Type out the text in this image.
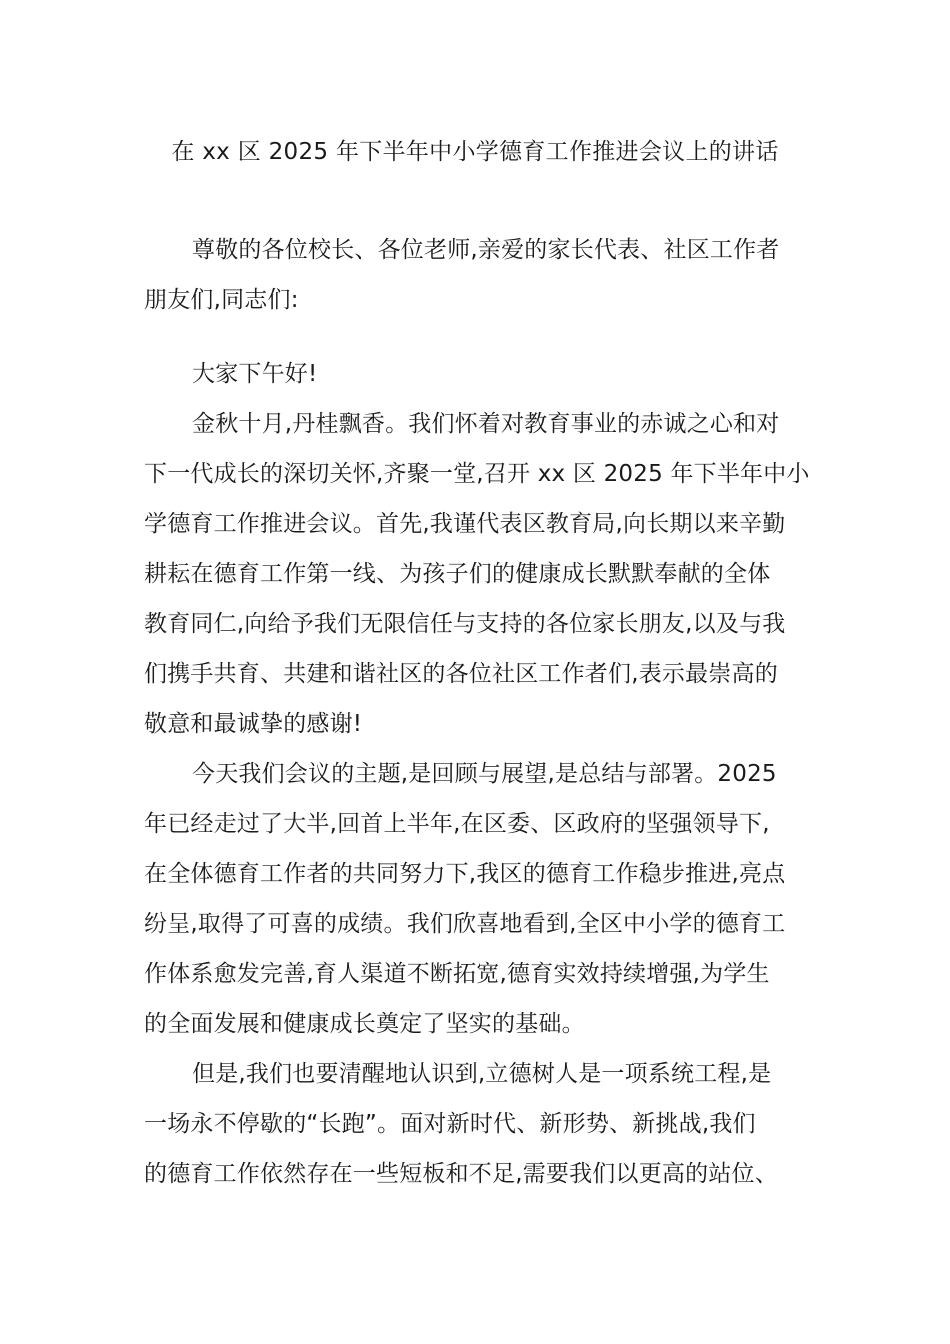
在 xx 区 2025 年下半年中小学德育工作推进会议上的讲话
尊敬的各位校长、各位老师,亲爱的家长代表、社区工作者
朋友们,同志们:
大家下午好!
金秋十月,丹桂飘香。我们怀着对教育事业的赤诚之心和对
下一代成长的深切关怀,齐聚一堂,召开 xx 区 2025 年下半年中小
学德育工作推进会议。首先,我谨代表区教育局,向长期以来辛勤
耕耘在德育工作第一线、为孩子们的健康成长默默奉献的全体
教育同仁,向给予我们无限信任与支持的各位家长朋友,以及与我
们携手共育、共建和谐社区的各位社区工作者们,表示最崇高的
敬意和最诚挚的感谢!
今天我们会议的主题,是回顾与展望,是总结与部署。2025
年已经走过了大半,回首上半年,在区委、区政府的坚强领导下,
在全体德育工作者的共同努力下,我区的德育工作稳步推进,亮点
纷呈,取得了可喜的成绩。我们欣喜地看到,全区中小学的德育工
作体系愈发完善,育人渠道不断拓宽,德育实效持续增强,为学生
的全面发展和健康成长奠定了坚实的基础。
但是,我们也要清醒地认识到,立德树人是一项系统工程,是
一场永不停歇的“长跑”。面对新时代、新形势、新挑战,我们
的德育工作依然存在一些短板和不足,需要我们以更高的站位、
